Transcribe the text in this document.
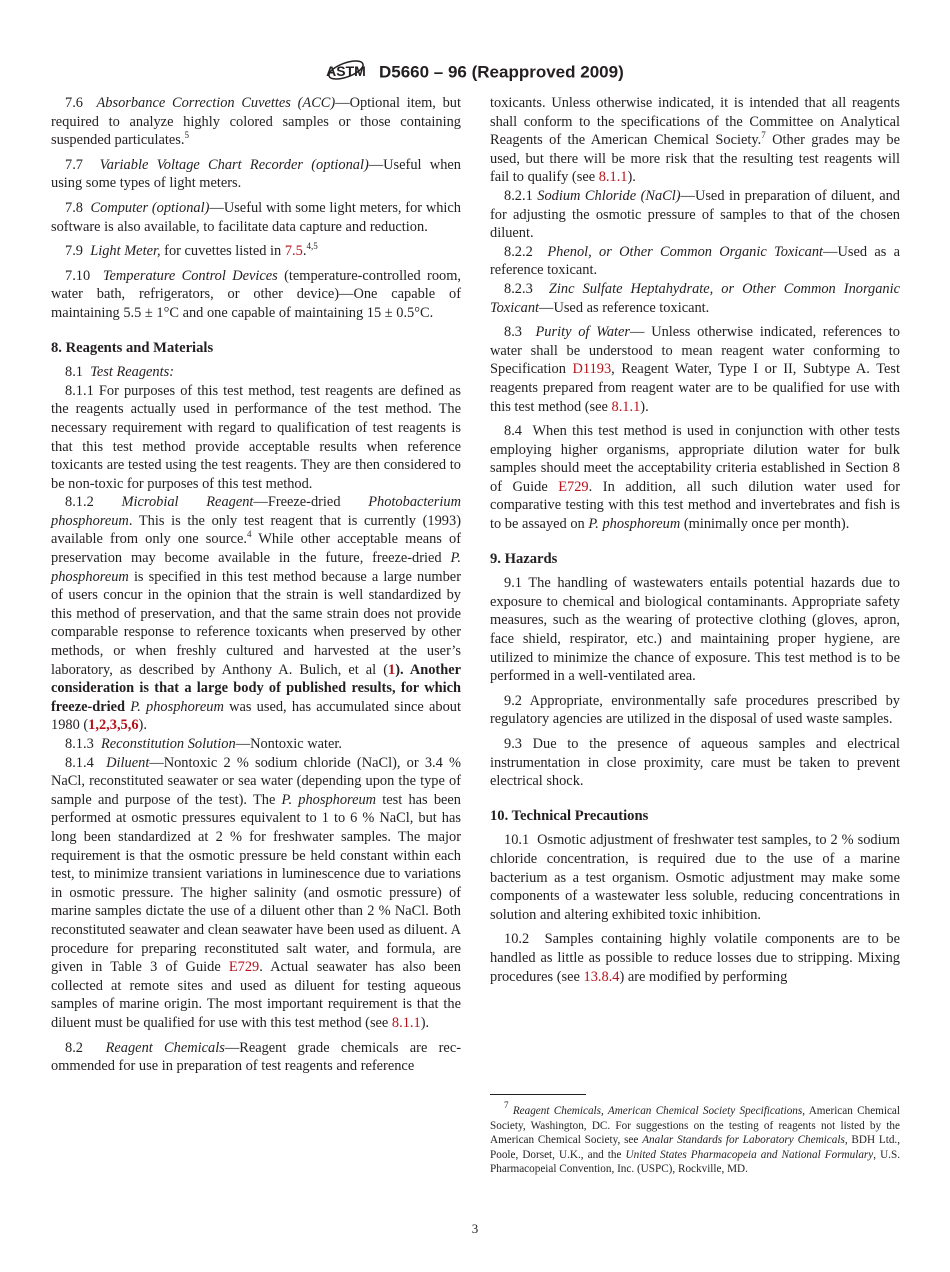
ASTM D5660 – 96 (Reapproved 2009)

7.6 Absorbance Correction Cuvettes (ACC)—Optional item, but required to analyze highly colored samples or those containing suspended particulates.$^5$

7.7 Variable Voltage Chart Recorder (optional)—Useful when using some types of light meters.

7.8 Computer (optional)—Useful with some light meters, for which software is also available, to facilitate data capture and reduction.

7.9 Light Meter, for cuvettes listed in 7.5.$^{4,5}$

7.10 Temperature Control Devices (temperature-controlled room, water bath, refrigerators, or other device)—One capable of maintaining 5.5 ± 1°C and one capable of maintaining 15 ± 0.5°C.

8. Reagents and Materials

8.1 Test Reagents:

8.1.1 For purposes of this test method, test reagents are defined as the reagents actually used in performance of the test method. The necessary requirement with regard to qualification of test reagents is that this test method provide acceptable results when reference toxicants are tested using the test reagents. They are then considered to be non-toxic for purposes of this test method.

8.1.2 Microbial Reagent—Freeze-dried Photobacterium phosphoreum. This is the only test reagent that is currently (1993) available from only one source.$^4$ While other acceptable means of preservation may become available in the future, freeze-dried P. phosphoreum is specified in this test method because a large number of users concur in the opinion that the strain is well standardized by this method of preservation, and that the same strain does not provide comparable response to reference toxicants when preserved by other methods, or when freshly cultured and harvested at the user’s laboratory, as described by Anthony A. Bulich, et al (1). Another consideration is that a large body of published results, for which freeze-dried P. phosphoreum was used, has accumulated since about 1980 (1,2,3,5,6).

8.1.3 Reconstitution Solution—Nontoxic water.

8.1.4 Diluent—Nontoxic 2 % sodium chloride (NaCl), or 3.4 % NaCl, reconstituted seawater or sea water (depending upon the type of sample and purpose of the test). The P. phosphoreum test has been performed at osmotic pressures equivalent to 1 to 6 % NaCl, but has long been standardized at 2 % for freshwater samples. The major requirement is that the osmotic pressure be held constant within each test, to minimize transient variations in luminescence due to variations in osmotic pressure. The higher salinity (and osmotic pressure) of marine samples dictate the use of a diluent other than 2 % NaCl. Both reconstituted seawater and clean seawater have been used as diluent. A procedure for preparing reconstituted salt water, and formula, are given in Table 3 of Guide E729. Actual seawater has also been collected at remote sites and used as diluent for testing aqueous samples of marine origin. The most important requirement is that the diluent must be qualified for use with this test method (see 8.1.1).

8.2 Reagent Chemicals—Reagent grade chemicals are recommended for use in preparation of test reagents and reference

toxicants. Unless otherwise indicated, it is intended that all reagents shall conform to the specifications of the Committee on Analytical Reagents of the American Chemical Society.$^7$ Other grades may be used, but there will be more risk that the resulting test reagents will fail to qualify (see 8.1.1).

8.2.1 Sodium Chloride (NaCl)—Used in preparation of diluent, and for adjusting the osmotic pressure of samples to that of the chosen diluent.

8.2.2 Phenol, or Other Common Organic Toxicant—Used as a reference toxicant.

8.2.3 Zinc Sulfate Heptahydrate, or Other Common Inorganic Toxicant—Used as reference toxicant.

8.3 Purity of Water— Unless otherwise indicated, references to water shall be understood to mean reagent water conforming to Specification D1193, Reagent Water, Type I or II, Subtype A. Test reagents prepared from reagent water are to be qualified for use with this test method (see 8.1.1).

8.4 When this test method is used in conjunction with other tests employing higher organisms, appropriate dilution water for bulk samples should meet the acceptability criteria established in Section 8 of Guide E729. In addition, all such dilution water used for comparative testing with this test method and invertebrates and fish is to be assayed on P. phosphoreum (minimally once per month).

9. Hazards

9.1 The handling of wastewaters entails potential hazards due to exposure to chemical and biological contaminants. Appropriate safety measures, such as the wearing of protective clothing (gloves, apron, face shield, respirator, etc.) and maintaining proper hygiene, are utilized to minimize the chance of exposure. This test method is to be performed in a well-ventilated area.

9.2 Appropriate, environmentally safe procedures prescribed by regulatory agencies are utilized in the disposal of used waste samples.

9.3 Due to the presence of aqueous samples and electrical instrumentation in close proximity, care must be taken to prevent electrical shock.

10. Technical Precautions

10.1 Osmotic adjustment of freshwater test samples, to 2 % sodium chloride concentration, is required due to the use of a marine bacterium as a test organism. Osmotic adjustment may make some components of a wastewater less soluble, reducing concentrations in solution and altering exhibited toxic inhibition.

10.2 Samples containing highly volatile components are to be handled as little as possible to reduce losses due to stripping. Mixing procedures (see 13.8.4) are modified by performing

$^7$ Reagent Chemicals, American Chemical Society Specifications, American Chemical Society, Washington, DC. For suggestions on the testing of reagents not listed by the American Chemical Society, see Analar Standards for Laboratory Chemicals, BDH Ltd., Poole, Dorset, U.K., and the United States Pharmacopeia and National Formulary, U.S. Pharmacopeial Convention, Inc. (USPC), Rockville, MD.

3
